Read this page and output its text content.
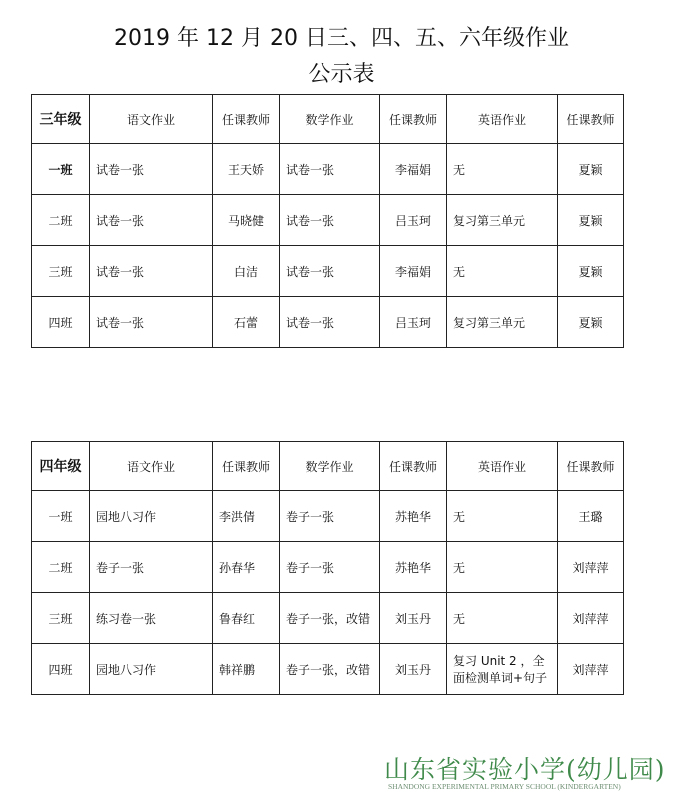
2019 年 12 月 20 日三、四、五、六年级作业
公示表
三年级	语文作业	任课教师	数学作业	任课教师	英语作业	任课教师
一班	试卷一张	王天娇	试卷一张	李福娟	无	夏颖
二班	试卷一张	马晓健	试卷一张	吕玉珂	复习第三单元	夏颖
三班	试卷一张	白洁	试卷一张	李福娟	无	夏颖
四班	试卷一张	石蕾	试卷一张	吕玉珂	复习第三单元	夏颖
四年级	语文作业	任课教师	数学作业	任课教师	英语作业	任课教师
一班	园地八习作	李洪倩	卷子一张	苏艳华	无	王璐
二班	卷子一张	孙春华	卷子一张	苏艳华	无	刘萍萍
三班	练习卷一张	鲁春红	卷子一张，改错	刘玉丹	无	刘萍萍
四班	园地八习作	韩祥鹏	卷子一张，改错	刘玉丹	复习 Unit 2 ，全面检测单词+句子	刘萍萍
山东省实验小学(幼儿园)
SHANDONG EXPERIMENTAL PRIMARY SCHOOL (KINDERGARTEN)
